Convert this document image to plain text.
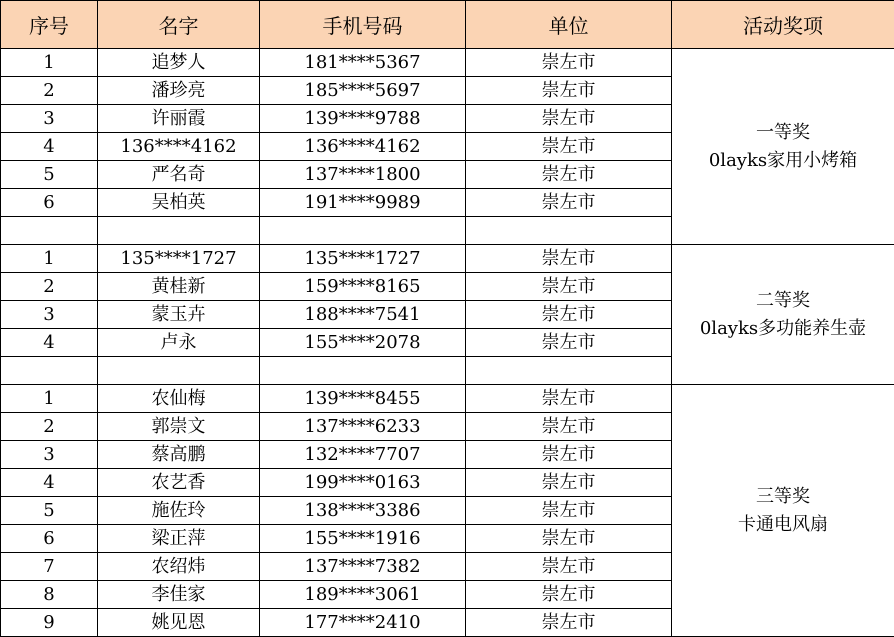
序号	名字	手机号码	单位	活动奖项
1	追梦人	181****5367	崇左市	一等奖
0layks家用小烤箱

2	潘珍亮	185****5697	崇左市	
3	许丽霞	139****9788	崇左市	
4	136****4162	136****4162	崇左市	
5	严名奇	137****1800	崇左市	
6	吴柏英	191****9989	崇左市	

1	135****1727	135****1727	崇左市	二等奖
0layks多功能养生壶

2	黄桂新	159****8165	崇左市	
3	蒙玉卉	188****7541	崇左市	
4	卢永	155****2078	崇左市	

1	农仙梅	139****8455	崇左市	三等奖
卡通电风扇

2	郭崇文	137****6233	崇左市	
3	蔡高鹏	132****7707	崇左市	
4	农艺香	199****0163	崇左市	
5	施佐玲	138****3386	崇左市	
6	梁正萍	155****1916	崇左市	
7	农绍炜	137****7382	崇左市	
8	李佳家	189****3061	崇左市	
9	姚见恩	177****2410	崇左市	
